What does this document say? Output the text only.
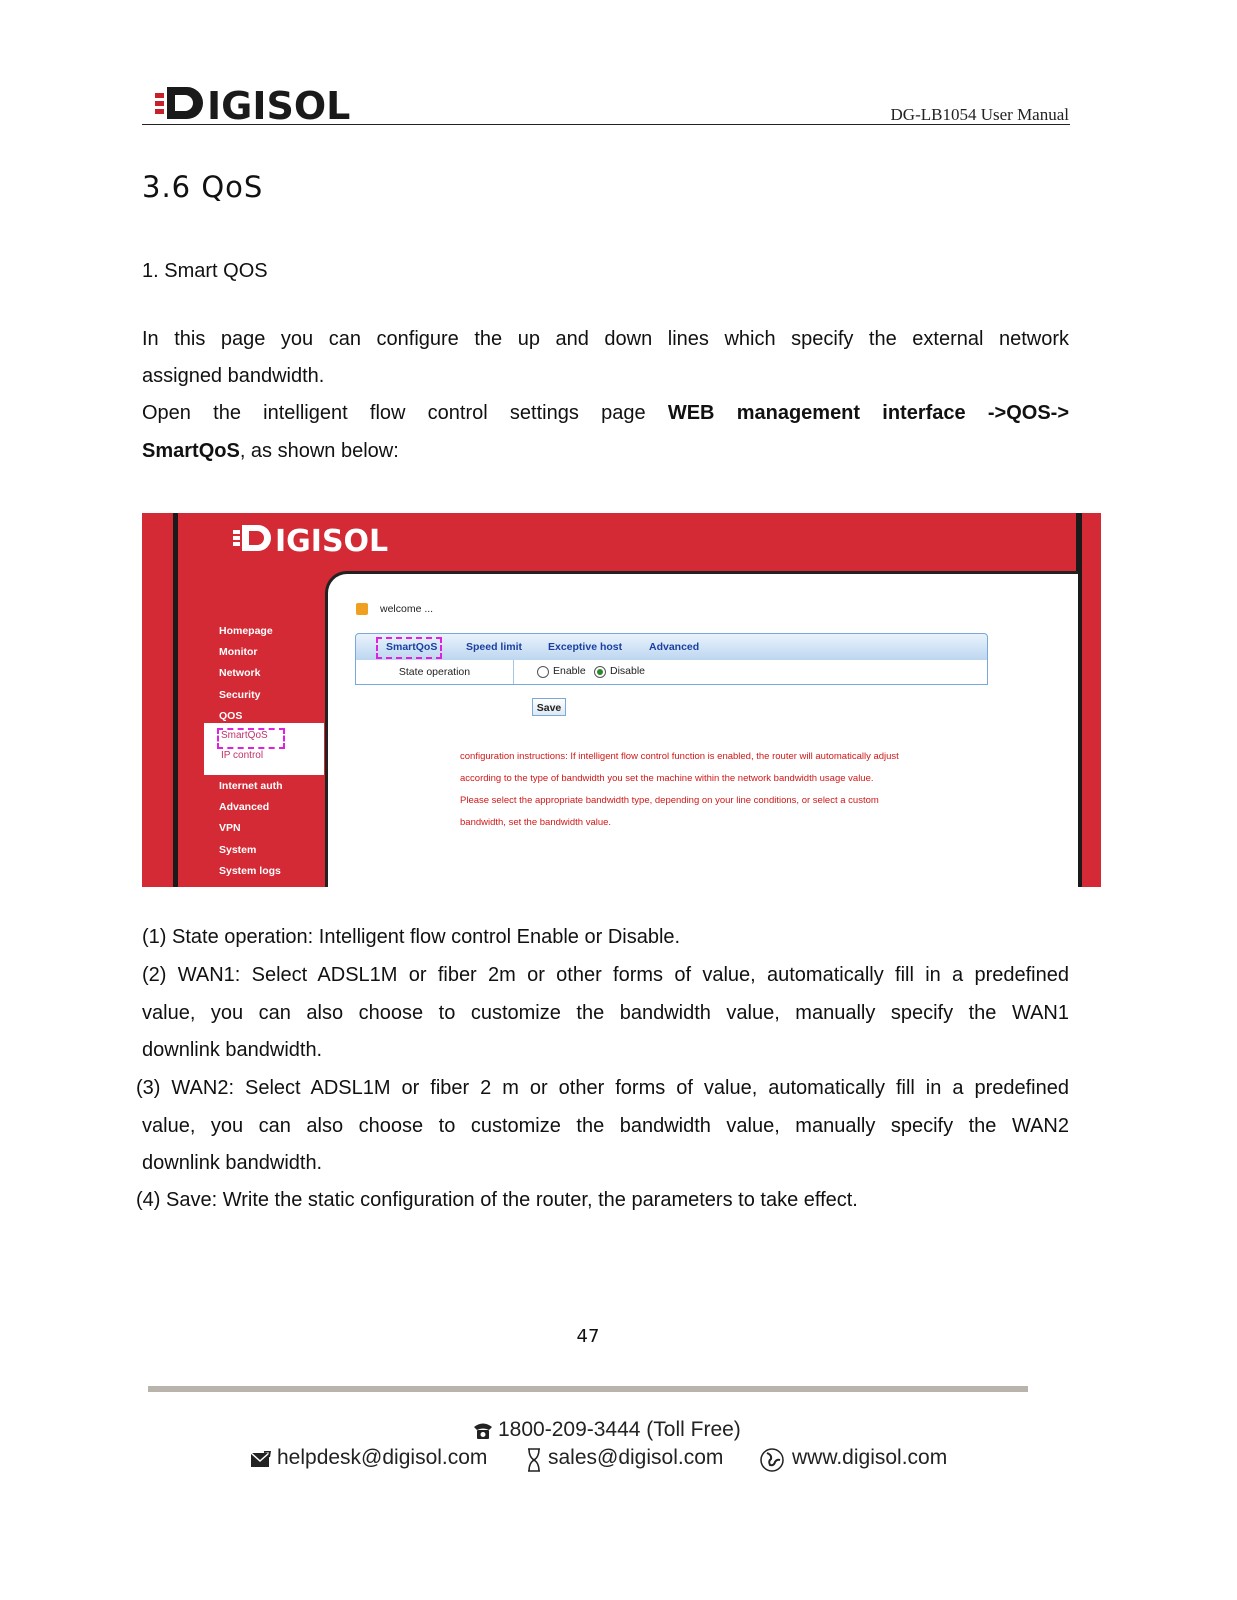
IGISOL	DG-LB1054 User Manual
3.6 QoS
1. Smart QOS
In this page you can configure the up and down lines which specify the external network
assigned bandwidth.
Open the intelligent flow control settings page WEB management interface ->QOS->
SmartQoS, as shown below:
IGISOL
Homepage
Monitor
Network
Security
QOS
SmartQoS
IP control
Internet auth
Advanced
VPN
System
System logs
welcome ...
SmartQoS	Speed limit Exceptive host	Advanced
State operation	Enable Disable
Save
configuration instructions: If intelligent flow control function is enabled, the router will automatically adjust
according to the type of bandwidth you set the machine within the network bandwidth usage value.
Please select the appropriate bandwidth type, depending on your line conditions, or select a custom
bandwidth, set the bandwidth value.
(1) State operation: Intelligent flow control Enable or Disable.
(2) WAN1: Select ADSL1M or fiber 2m or other forms of value, automatically fill in a predefined
value, you can also choose to customize the bandwidth value, manually specify the WAN1
downlink bandwidth.
(3) WAN2: Select ADSL1M or fiber 2 m or other forms of value, automatically fill in a predefined
value, you can also choose to customize the bandwidth value, manually specify the WAN2
downlink bandwidth.
(4) Save: Write the static configuration of the router, the parameters to take effect.
47
1800-209-3444 (Toll Free)
helpdesk@digisol.com	sales@digisol.com	www.digisol.com
